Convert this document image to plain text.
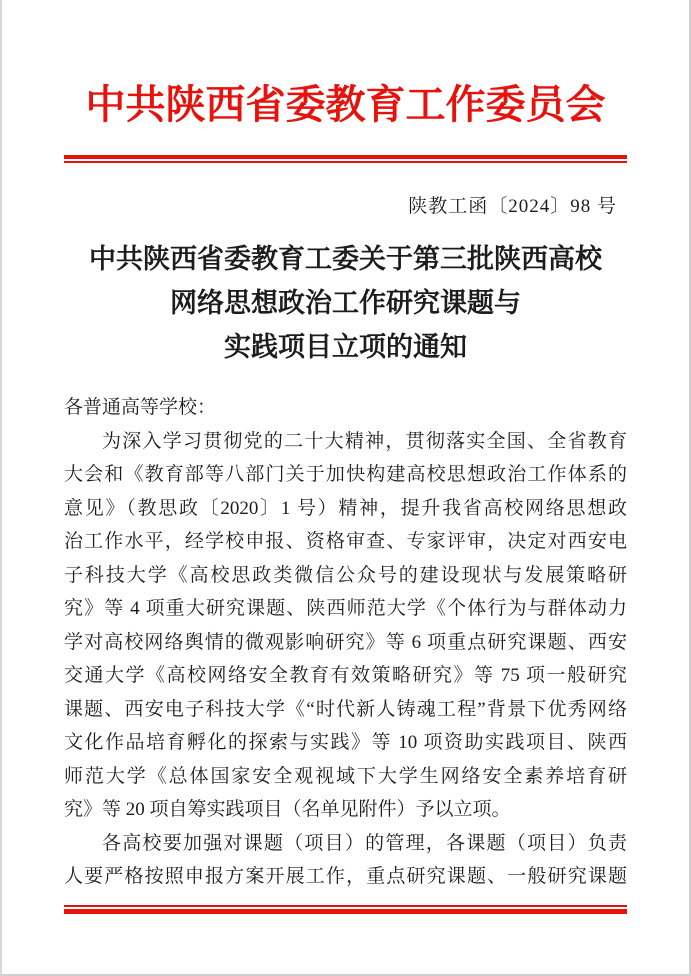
中共陕西省委教育工作委员会
陕教工函〔2024〕98 号
中共陕西省委教育工委关于第三批陕西高校
网络思想政治工作研究课题与
实践项目立项的通知
各普通高等学校：
为深入学习贯彻党的二十大精神，贯彻落实全国、全省教育
大会和《教育部等八部门关于加快构建高校思想政治工作体系的
意见》（教思政〔2020〕1 号）精神，提升我省高校网络思想政
治工作水平，经学校申报、资格审查、专家评审，决定对西安电
子科技大学《高校思政类微信公众号的建设现状与发展策略研
究》等 4 项重大研究课题、陕西师范大学《个体行为与群体动力
学对高校网络舆情的微观影响研究》等 6 项重点研究课题、西安
交通大学《高校网络安全教育有效策略研究》等 75 项一般研究
课题、西安电子科技大学《“时代新人铸魂工程”背景下优秀网络
文化作品培育孵化的探索与实践》等 10 项资助实践项目、陕西
师范大学《总体国家安全观视域下大学生网络安全素养培育研
究》等 20 项自筹实践项目（名单见附件）予以立项。
各高校要加强对课题（项目）的管理，各课题（项目）负责
人要严格按照申报方案开展工作，重点研究课题、一般研究课题
